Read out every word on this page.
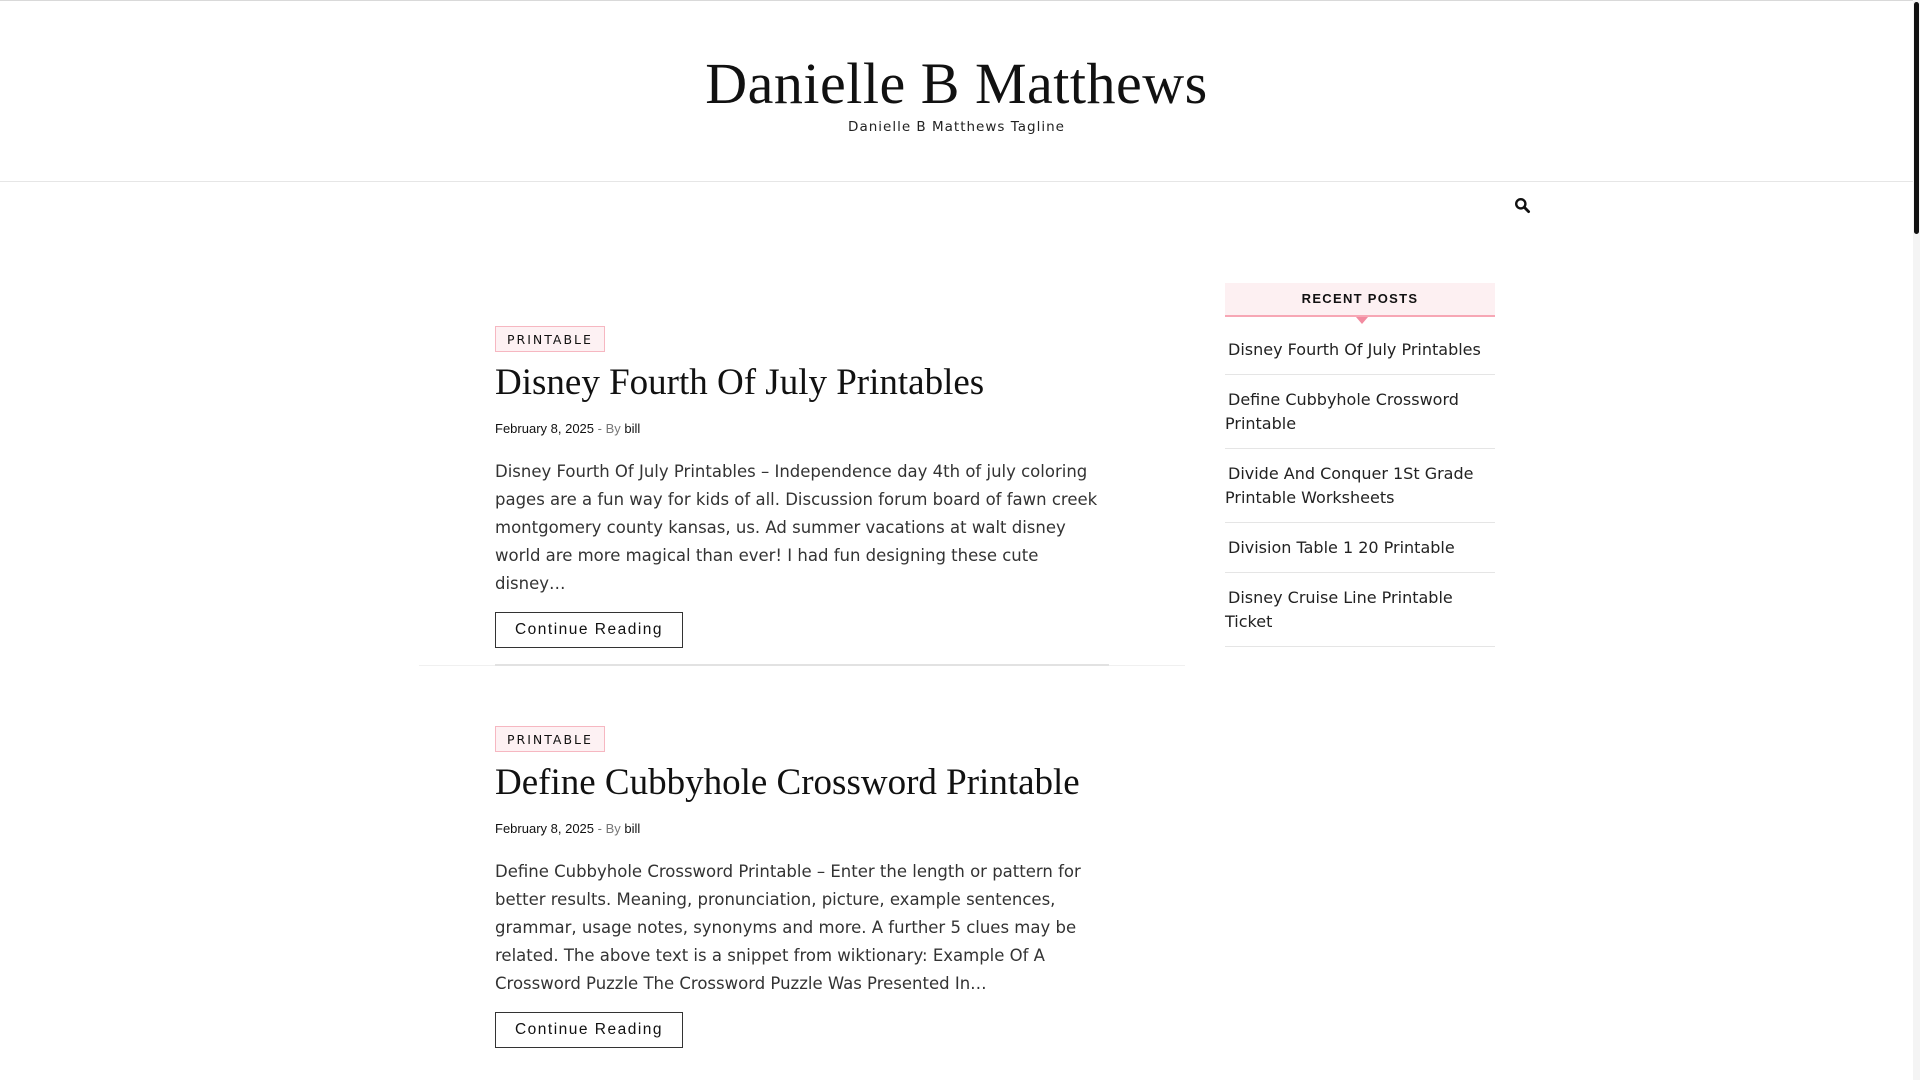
Danielle B Matthews
Danielle B Matthews Tagline
PRINTABLE
Disney Fourth Of July Printables
February 8, 2025 - By bill
Disney Fourth Of July Printables – Independence day 4th of july coloring pages are a fun way for kids of all. Discussion forum board of fawn creek montgomery county kansas, us. Ad summer vacations at walt disney world are more magical than ever! I had fun designing these cute disney…
Continue Reading
PRINTABLE
Define Cubbyhole Crossword Printable
February 8, 2025 - By bill
Define Cubbyhole Crossword Printable – Enter the length or pattern for better results. Meaning, pronunciation, picture, example sentences, grammar, usage notes, synonyms and more. A further 5 clues may be related. The above text is a snippet from wiktionary: Example Of A Crossword Puzzle The Crossword Puzzle Was Presented In…
Continue Reading
RECENT POSTS
Disney Fourth Of July Printables
Define Cubbyhole Crossword Printable
Divide And Conquer 1St Grade Printable Worksheets
Division Table 1 20 Printable
Disney Cruise Line Printable Ticket
